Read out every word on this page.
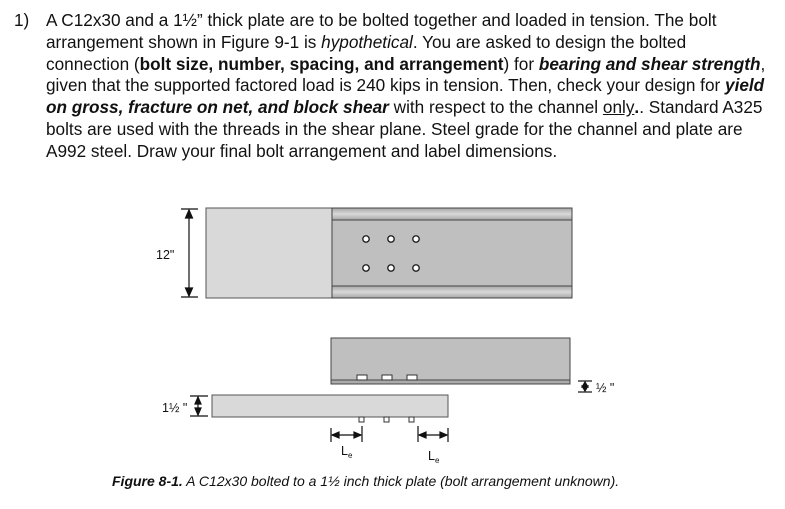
1) A C12x30 and a 1½” thick plate are to be bolted together and loaded in tension. The bolt arrangement shown in Figure 9-1 is hypothetical. You are asked to design the bolted connection (bolt size, number, spacing, and arrangement) for bearing and shear strength, given that the supported factored load is 240 kips in tension. Then, check your design for yield on gross, fracture on net, and block shear with respect to the channel only.. Standard A325 bolts are used with the threads in the shear plane. Steel grade for the channel and plate are A992 steel. Draw your final bolt arrangement and label dimensions.
12"
½ "
1½ "
$L_e$	$L_e$
Figure 8-1. A C12x30 bolted to a 1½ inch thick plate (bolt arrangement unknown).
